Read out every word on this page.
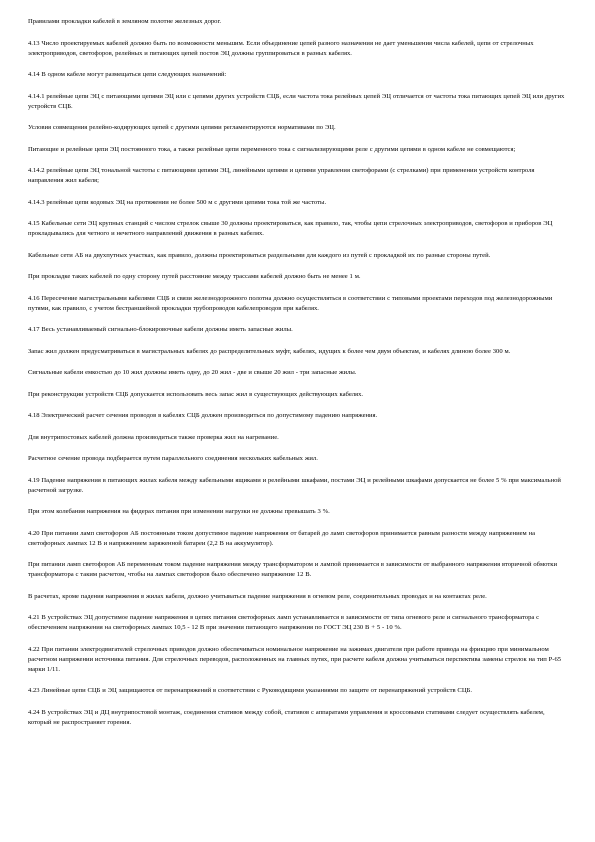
Правилами прокладки кабелей в земляном полотне железных дорог.

4.13 Число проектируемых кабелей должно быть по возможности меньшим. Если объединение цепей разного назначения не дает уменьшения числа кабелей, цепи от стрелочных электроприводов, светофоров, релейных и питающих цепей постов ЭЦ должны группироваться в разных кабелях.

4.14 В одном кабеле могут размещаться цепи следующих назначений:

4.14.1 релейные цепи ЭЦ с питающими цепями ЭЦ или с цепями других устройств СЦБ, если частота тока релейных цепей ЭЦ отличается от частоты тока питающих цепей ЭЦ или других устройств СЦБ.

Условия совмещения релейно-кодирующих цепей с другими цепями регламентируются нормативами по ЭЦ.

Питающие и релейные цепи ЭЦ постоянного тока, а также релейные цепи переменного тока с сигнализирующими реле с другими цепями в одном кабеле не совмещаются;

4.14.2 релейные цепи ЭЦ тональной частоты с питающими цепями ЭЦ, линейными цепями и цепями управления светофорами (с стрелками) при применении устройств контроля направления жил кабеля;

4.14.3 релейные цепи кодовых ЭЦ на протяжении не более 500 м с другими цепями тока той же частоты.

4.15 Кабельные сети ЭЦ крупных станций с числом стрелок свыше 30 должны проектироваться, как правило, так, чтобы цепи стрелочных электроприводов, светофоров и приборов ЭЦ прокладывались для четного и нечетного направлений движения в разных кабелях.

Кабельные сети АБ на двухпутных участках, как правило, должны проектироваться раздельными для каждого из путей с прокладкой их по разные стороны путей.

При прокладке таких кабелей по одну сторону путей расстояние между трассами кабелей должно быть не менее 1 м.

4.16 Пересечение магистральными кабелями СЦБ и связи железнодорожного полотна должно осуществляться в соответствии с типовыми проектами переходов под железнодорожными путями, как правило, с учетом бестраншейной прокладки трубопроводов кабелепроводов при кабелях.

4.17 Весь устанавливаемый сигнально-блокировочные кабели должны иметь запасные жилы.

Запас жил должен предусматриваться в магистральных кабелях до распределительных муфт, кабелях, идущих к более чем двум объектам, и кабелях длиною более 300 м.

Сигнальные кабели емкостью до 10 жил должны иметь одну, до 20 жил - две и свыше 20 жил - три запасные жилы.

При реконструкции устройств СЦБ допускается использовать весь запас жил в существующих действующих кабелях.

4.18 Электрический расчет сечения проводов в кабелях СЦБ должен производиться по допустимому падению напряжения.

Для внутрипостовых кабелей должна производиться также проверка жил на нагревание.

Расчетное сечение провода подбирается путем параллельного соединения нескольких кабельных жил.

4.19 Падение напряжения в питающих жилах кабеля между кабельными ящиками и релейными шкафами, постами ЭЦ и релейными шкафами допускается не более 5 % при максимальной расчетной загрузке.

При этом колебания напряжения на фидерах питания при изменении нагрузки не должны превышать 3 %.

4.20 При питании ламп светофоров АБ постоянным током допустимое падение напряжения от батарей до ламп светофоров принимается равным разности между напряжением на светофорных лампах 12 В и напряжением заряженной батареи (2,2 В на аккумулятор).

При питании ламп светофоров АБ переменным током падение напряжения между трансформатором и лампой принимается в зависимости от выбранного напряжения вторичной обмотки трансформатора с таким расчетом, чтобы на лампах светофоров было обеспечено напряжение 12 В.

В расчетах, кроме падения напряжения в жилах кабеля, должно учитываться падение напряжения в огневом реле, соединительных проводах и на контактах реле.

4.21 В устройствах ЭЦ допустимое падение напряжения в цепях питания светофорных ламп устанавливается в зависимости от типа огневого реле и сигнального трансформатора с обеспечением напряжения на светофорных лампах 10,5 - 12 В при значении питающего напряжения по ГОСТ ЭЦ 230 В + 5 - 10 %.

4.22 При питании электродвигателей стрелочных приводов должно обеспечиваться номинальное напряжение на зажимах двигателя при работе привода на фрикцию при минимальном расчетном напряжении источника питания. Для стрелочных переводов, расположенных на главных путях, при расчете кабеля должна учитываться перспектива замены стрелок на тип Р-65 марки 1/11.

4.23 Линейные цепи СЦБ и ЭЦ защищаются от перенапряжений в соответствии с Руководящими указаниями по защите от перенапряжений устройств СЦБ.

4.24 В устройствах ЭЦ и ДЦ внутрипостовой монтаж, соединения стативов между собой, стативов с аппаратами управления и кроссовыми стативами следует осуществлять кабелем, который не распространяет горения.
